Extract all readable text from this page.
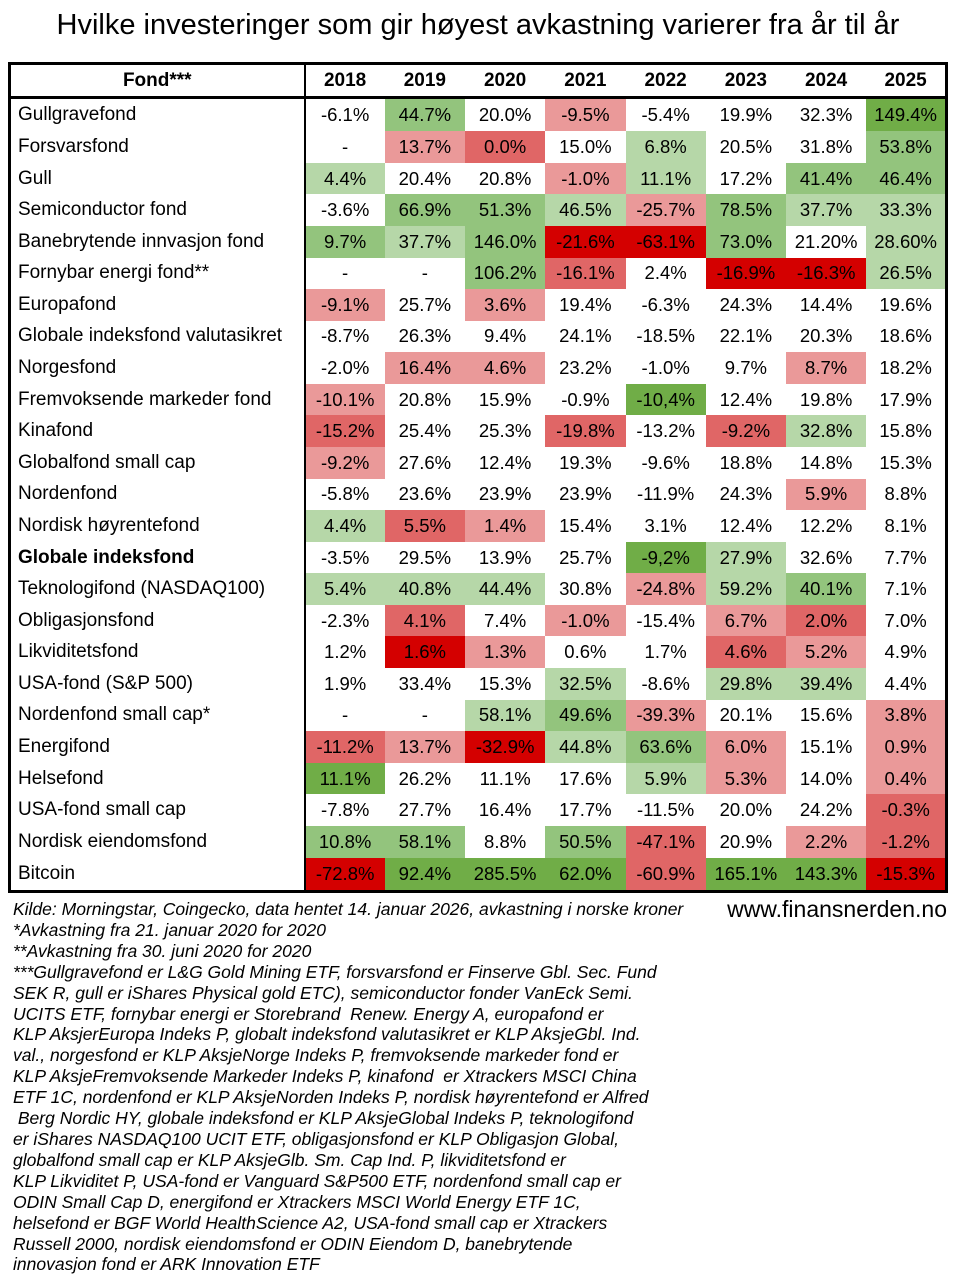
Hvilke investeringer som gir høyest avkastning varierer fra år til år
Fond***	2018	2019	2020	2021	2022	2023	2024	2025
Gullgravefond	-6.1%	44.7%	20.0%	-9.5%	-5.4%	19.9%	32.3%	149.4%
Forsvarsfond	-	13.7%	0.0%	15.0%	6.8%	20.5%	31.8%	53.8%
Gull	4.4%	20.4%	20.8%	-1.0%	11.1%	17.2%	41.4%	46.4%
Semiconductor fond	-3.6%	66.9%	51.3%	46.5%	-25.7%	78.5%	37.7%	33.3%
Banebrytende innvasjon fond	9.7%	37.7%	146.0%	-21.6%	-63.1%	73.0%	21.20%	28.60%
Fornybar energi fond**	-	-	106.2%	-16.1%	2.4%	-16.9%	-16.3%	26.5%
Europafond	-9.1%	25.7%	3.6%	19.4%	-6.3%	24.3%	14.4%	19.6%
Globale indeksfond valutasikret	-8.7%	26.3%	9.4%	24.1%	-18.5%	22.1%	20.3%	18.6%
Norgesfond	-2.0%	16.4%	4.6%	23.2%	-1.0%	9.7%	8.7%	18.2%
Fremvoksende markeder fond	-10.1%	20.8%	15.9%	-0.9%	-10,4%	12.4%	19.8%	17.9%
Kinafond	-15.2%	25.4%	25.3%	-19.8%	-13.2%	-9.2%	32.8%	15.8%
Globalfond small cap	-9.2%	27.6%	12.4%	19.3%	-9.6%	18.8%	14.8%	15.3%
Nordenfond	-5.8%	23.6%	23.9%	23.9%	-11.9%	24.3%	5.9%	8.8%
Nordisk høyrentefond	4.4%	5.5%	1.4%	15.4%	3.1%	12.4%	12.2%	8.1%
Globale indeksfond	-3.5%	29.5%	13.9%	25.7%	-9,2%	27.9%	32.6%	7.7%
Teknologifond (NASDAQ100)	5.4%	40.8%	44.4%	30.8%	-24.8%	59.2%	40.1%	7.1%
Obligasjonsfond	-2.3%	4.1%	7.4%	-1.0%	-15.4%	6.7%	2.0%	7.0%
Likviditetsfond	1.2%	1.6%	1.3%	0.6%	1.7%	4.6%	5.2%	4.9%
USA-fond (S&P 500)	1.9%	33.4%	15.3%	32.5%	-8.6%	29.8%	39.4%	4.4%
Nordenfond small cap*	-	-	58.1%	49.6%	-39.3%	20.1%	15.6%	3.8%
Energifond	-11.2%	13.7%	-32.9%	44.8%	63.6%	6.0%	15.1%	0.9%
Helsefond	11.1%	26.2%	11.1%	17.6%	5.9%	5.3%	14.0%	0.4%
USA-fond small cap	-7.8%	27.7%	16.4%	17.7%	-11.5%	20.0%	24.2%	-0.3%
Nordisk eiendomsfond	10.8%	58.1%	8.8%	50.5%	-47.1%	20.9%	2.2%	-1.2%
Bitcoin	-72.8%	92.4%	285.5%	62.0%	-60.9%	165.1%	143.3%	-15.3%
Kilde: Morningstar, Coingecko, data hentet 14. januar 2026, avkastning i norske kroner
*Avkastning fra 21. januar 2020 for 2020
**Avkastning fra 30. juni 2020 for 2020
***Gullgravefond er L&G Gold Mining ETF, forsvarsfond er Finserve Gbl. Sec. Fund
SEK R, gull er iShares Physical gold ETC), semiconductor fonder VanEck Semi.
UCITS ETF, fornybar energi er Storebrand  Renew. Energy A, europafond er
KLP AksjerEuropa Indeks P, globalt indeksfond valutasikret er KLP AksjeGbl. Ind.
val., norgesfond er KLP AksjeNorge Indeks P, fremvoksende markeder fond er
KLP AksjeFremvoksende Markeder Indeks P, kinafond  er Xtrackers MSCI China
ETF 1C, nordenfond er KLP AksjeNorden Indeks P, nordisk høyrentefond er Alfred
Berg Nordic HY, globale indeksfond er KLP AksjeGlobal Indeks P, teknologifond
er iShares NASDAQ100 UCIT ETF, obligasjonsfond er KLP Obligasjon Global,
globalfond small cap er KLP AksjeGlb. Sm. Cap Ind. P, likviditetsfond er
KLP Likviditet P, USA-fond er Vanguard S&P500 ETF, nordenfond small cap er
ODIN Small Cap D, energifond er Xtrackers MSCI World Energy ETF 1C,
helsefond er BGF World HealthScience A2, USA-fond small cap er Xtrackers
Russell 2000, nordisk eiendomsfond er ODIN Eiendom D, banebrytende
innovasjon fond er ARK Innovation ETF
www.finansnerden.no
